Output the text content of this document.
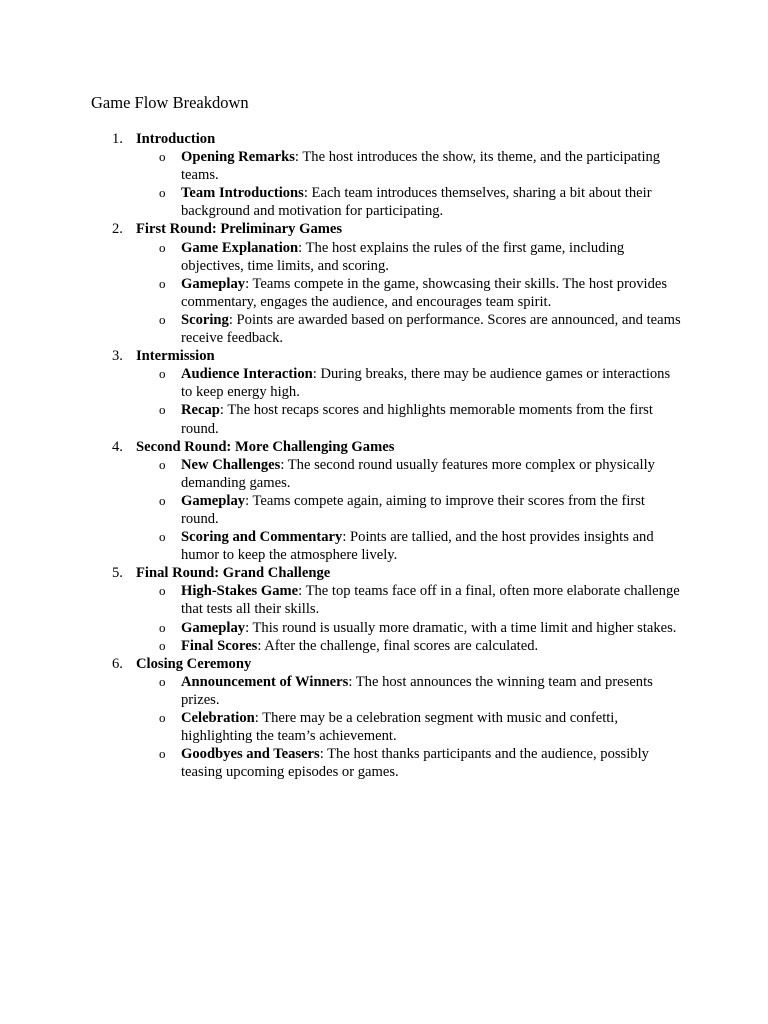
Game Flow Breakdown
1. Introduction
o Opening Remarks: The host introduces the show, its theme, and the participating teams.
o Team Introductions: Each team introduces themselves, sharing a bit about their background and motivation for participating.
2. First Round: Preliminary Games
o Game Explanation: The host explains the rules of the first game, including objectives, time limits, and scoring.
o Gameplay: Teams compete in the game, showcasing their skills. The host provides commentary, engages the audience, and encourages team spirit.
o Scoring: Points are awarded based on performance. Scores are announced, and teams receive feedback.
3. Intermission
o Audience Interaction: During breaks, there may be audience games or interactions to keep energy high.
o Recap: The host recaps scores and highlights memorable moments from the first round.
4. Second Round: More Challenging Games
o New Challenges: The second round usually features more complex or physically demanding games.
o Gameplay: Teams compete again, aiming to improve their scores from the first round.
o Scoring and Commentary: Points are tallied, and the host provides insights and humor to keep the atmosphere lively.
5. Final Round: Grand Challenge
o High-Stakes Game: The top teams face off in a final, often more elaborate challenge that tests all their skills.
o Gameplay: This round is usually more dramatic, with a time limit and higher stakes.
o Final Scores: After the challenge, final scores are calculated.
6. Closing Ceremony
o Announcement of Winners: The host announces the winning team and presents prizes.
o Celebration: There may be a celebration segment with music and confetti, highlighting the team’s achievement.
o Goodbyes and Teasers: The host thanks participants and the audience, possibly teasing upcoming episodes or games.
